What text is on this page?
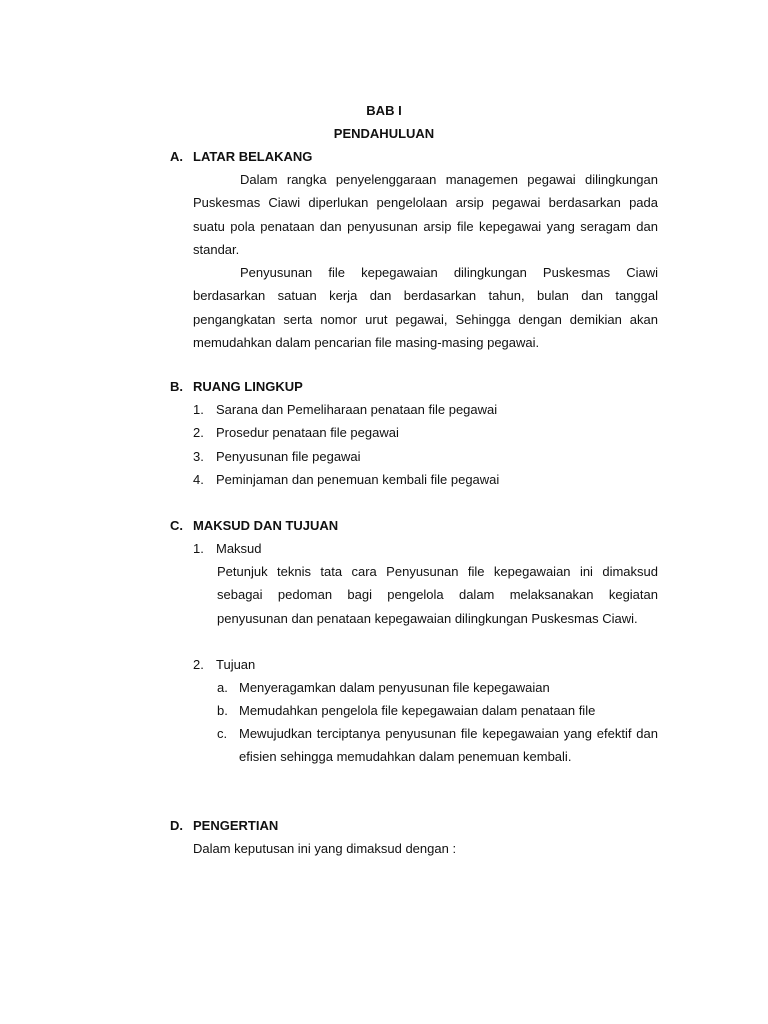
BAB I
PENDAHULUAN
A. LATAR BELAKANG

Dalam rangka penyelenggaraan managemen pegawai dilingkungan Puskesmas Ciawi diperlukan pengelolaan arsip pegawai berdasarkan pada suatu pola penataan dan penyusunan arsip file kepegawai yang seragam dan standar.

Penyusunan file kepegawaian dilingkungan Puskesmas Ciawi berdasarkan satuan kerja dan berdasarkan tahun, bulan dan tanggal pengangkatan serta nomor urut pegawai, Sehingga dengan demikian akan memudahkan dalam pencarian file masing-masing pegawai.

B. RUANG LINGKUP
1. Sarana dan Pemeliharaan penataan file pegawai
2. Prosedur penataan file pegawai
3. Penyusunan file pegawai
4. Peminjaman dan penemuan kembali file pegawai
C. MAKSUD DAN TUJUAN
1. Maksud

Petunjuk teknis tata cara Penyusunan file kepegawaian ini dimaksud sebagai pedoman bagi pengelola dalam melaksanakan kegiatan penyusunan dan penataan kepegawaian dilingkungan Puskesmas Ciawi.

2. Tujuan
a. Menyeragamkan dalam penyusunan file kepegawaian
b. Memudahkan pengelola file kepegawaian dalam penataan file
c. Mewujudkan terciptanya penyusunan file kepegawaian yang efektif dan efisien sehingga memudahkan dalam penemuan kembali.

D. PENGERTIAN
Dalam keputusan ini yang dimaksud dengan :
